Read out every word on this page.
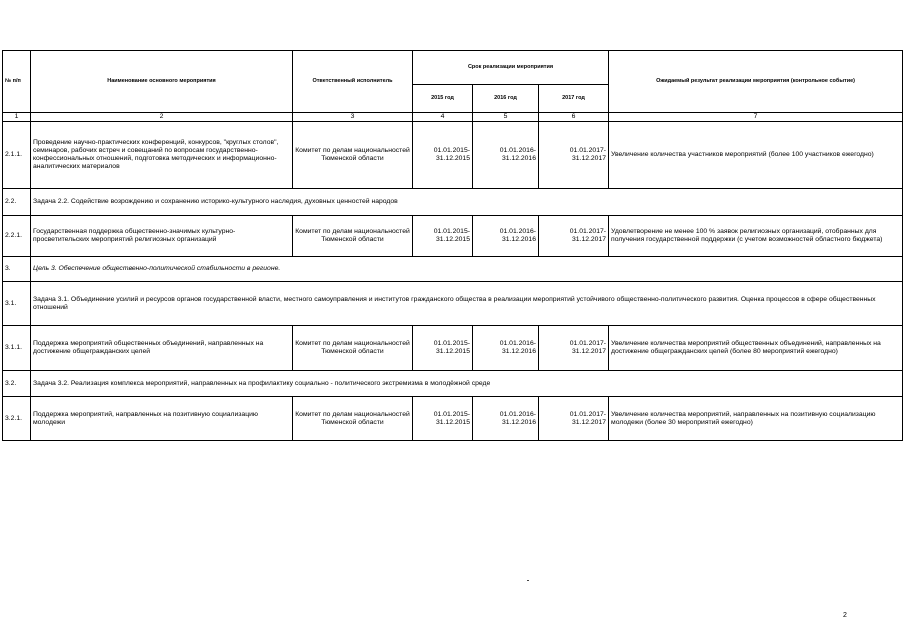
№ п/п	Наименование основного мероприятия	Ответственный исполнитель	Срок реализации мероприятия			Ожидаемый результат реализации мероприятия (контрольное событие)
			2015 год	2016 год	2017 год	
1	2	3	4	5	6	7
2.1.1.	Проведение научно-практических конференций, конкурсов, "круглых столов", семинаров, рабочих встреч и совещаний по вопросам государственно-конфессиональных отношений, подготовка методических и информационно-аналитических материалов	Комитет по делам национальностей Тюменской области	01.01.2015-31.12.2015	01.01.2016-31.12.2016	01.01.2017-31.12.2017	Увеличение количества участников мероприятий (более 100 участников ежегодно)
2.2.	Задача 2.2. Содействие возрождению и сохранению историко-культурного наследия, духовных ценностей народов					
2.2.1.	Государственная поддержка общественно-значимых культурно-просветительских мероприятий религиозных организаций	Комитет по делам национальностей Тюменской области	01.01.2015-31.12.2015	01.01.2016-31.12.2016	01.01.2017-31.12.2017	Удовлетворение не менее 100 % заявок религиозных организаций, отобранных для получения государственной поддержки (с учетом возможностей областного бюджета)
3.	Цель 3. Обеспечение общественно-политической стабильности в регионе.					
3.1.	Задача 3.1. Объединение усилий и ресурсов органов государственной власти, местного самоуправления и институтов гражданского общества в реализации мероприятий устойчивого общественно-политического развития. Оценка процессов в сфере общественных отношений					
3.1.1.	Поддержка мероприятий общественных объединений, направленных на достижение общегражданских целей	Комитет по делам национальностей Тюменской области	01.01.2015-31.12.2015	01.01.2016-31.12.2016	01.01.2017-31.12.2017	Увеличение количества мероприятий общественных объединений, направленных на достижение общегражданских целей (более 80 мероприятий ежегодно)
3.2.	Задача 3.2. Реализация комплекса мероприятий, направленных на профилактику социально - политического экстремизма в молодёжной среде					
3.2.1.	Поддержка мероприятий, направленных на позитивную социализацию молодежи	Комитет по делам национальностей Тюменской области	01.01.2015-31.12.2015	01.01.2016-31.12.2016	01.01.2017-31.12.2017	Увеличение количества мероприятий, направленных на позитивную социализацию молодежи (более 30 мероприятий ежегодно)
2
